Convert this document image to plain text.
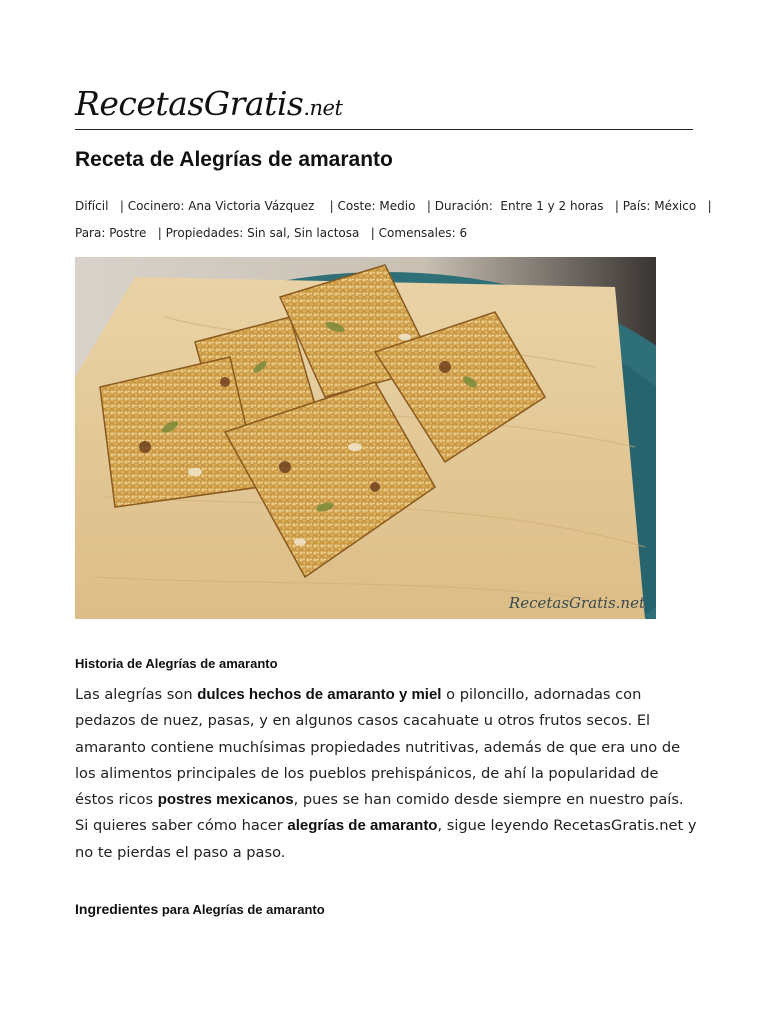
RecetasGratis.net
Receta de Alegrías de amaranto
Difícil   | Cocinero: Ana Victoria Vázquez    | Coste: Medio   | Duración:  Entre 1 y 2 horas   | País: México   |
Para: Postre   | Propiedades: Sin sal, Sin lactosa   | Comensales: 6
RecetasGratis.net
Historia de Alegrías de amaranto
Las alegrías son dulces hechos de amaranto y miel o piloncillo, adornadas con
pedazos de nuez, pasas, y en algunos casos cacahuate u otros frutos secos. El
amaranto contiene muchísimas propiedades nutritivas, además de que era uno de
los alimentos principales de los pueblos prehispánicos, de ahí la popularidad de
éstos ricos postres mexicanos, pues se han comido desde siempre en nuestro país.
Si quieres saber cómo hacer alegrías de amaranto, sigue leyendo RecetasGratis.net y
no te pierdas el paso a paso.
Ingredientes para Alegrías de amaranto
